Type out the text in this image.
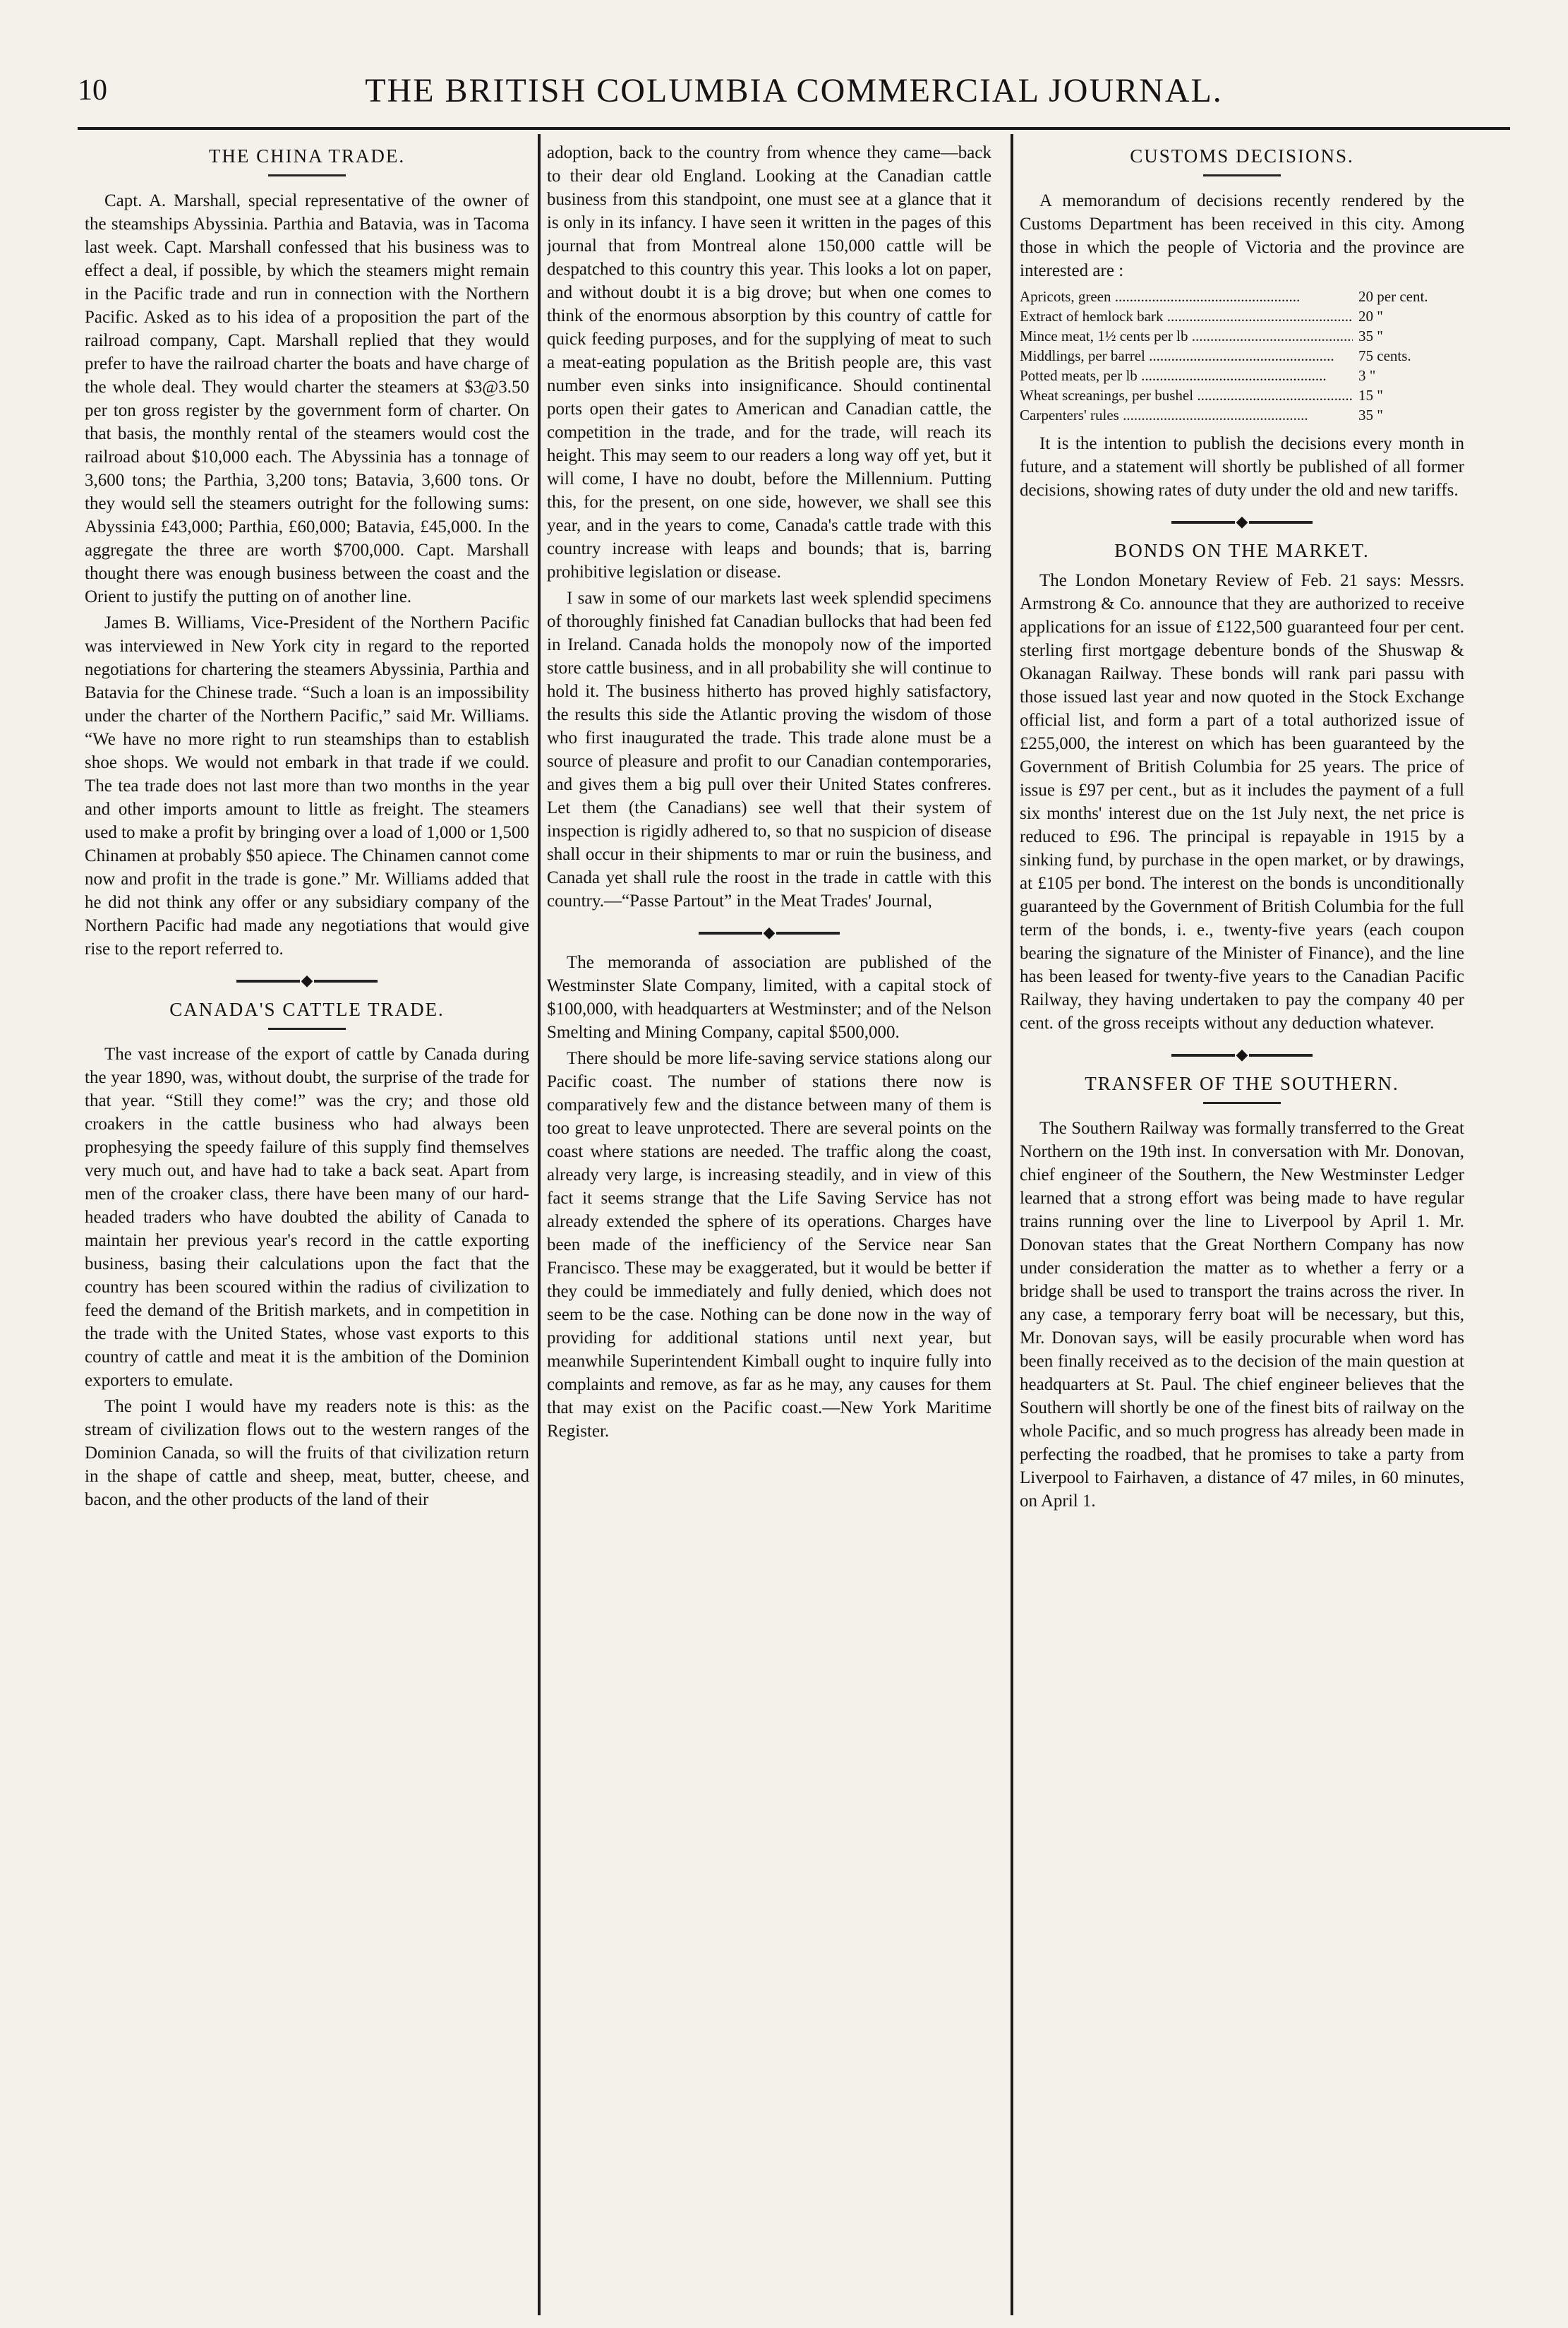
10	THE BRITISH COLUMBIA COMMERCIAL JOURNAL.
THE CHINA TRADE.

Capt. A. Marshall, special representative of the owner of the steamships Abyssinia. Parthia and Batavia, was in Tacoma last week. Capt. Marshall confessed that his business was to effect a deal, if possible, by which the steamers might remain in the Pacific trade and run in connection with the Northern Pacific. Asked as to his idea of a proposition the part of the railroad company, Capt. Marshall replied that they would prefer to have the railroad charter the boats and have charge of the whole deal. They would charter the steamers at $3@3.50 per ton gross register by the government form of charter. On that basis, the monthly rental of the steamers would cost the railroad about $10,000 each. The Abyssinia has a tonnage of 3,600 tons; the Parthia, 3,200 tons; Batavia, 3,600 tons. Or they would sell the steamers outright for the following sums: Abyssinia £43,000; Parthia, £60,000; Batavia, £45,000. In the aggregate the three are worth $700,000. Capt. Marshall thought there was enough business between the coast and the Orient to justify the putting on of another line.

James B. Williams, Vice-President of the Northern Pacific was interviewed in New York city in regard to the reported negotiations for chartering the steamers Abyssinia, Parthia and Batavia for the Chinese trade. “Such a loan is an impossibility under the charter of the Northern Pacific,” said Mr. Williams. “We have no more right to run steamships than to establish shoe shops. We would not embark in that trade if we could. The tea trade does not last more than two months in the year and other imports amount to little as freight. The steamers used to make a profit by bringing over a load of 1,000 or 1,500 Chinamen at probably $50 apiece. The Chinamen cannot come now and profit in the trade is gone.” Mr. Williams added that he did not think any offer or any subsidiary company of the Northern Pacific had made any negotiations that would give rise to the report referred to.

◆
CANADA'S CATTLE TRADE.

The vast increase of the export of cattle by Canada during the year 1890, was, without doubt, the surprise of the trade for that year. “Still they come!” was the cry; and those old croakers in the cattle business who had always been prophesying the speedy failure of this supply find themselves very much out, and have had to take a back seat. Apart from men of the croaker class, there have been many of our hard-headed traders who have doubted the ability of Canada to maintain her previous year's record in the cattle exporting business, basing their calculations upon the fact that the country has been scoured within the radius of civilization to feed the demand of the British markets, and in competition in the trade with the United States, whose vast exports to this country of cattle and meat it is the ambition of the Dominion exporters to emulate.

The point I would have my readers note is this: as the stream of civilization flows out to the western ranges of the Dominion Canada, so will the fruits of that civilization return in the shape of cattle and sheep, meat, butter, cheese, and bacon, and the other products of the land of their

adoption, back to the country from whence they came—back to their dear old England. Looking at the Canadian cattle business from this standpoint, one must see at a glance that it is only in its infancy. I have seen it written in the pages of this journal that from Montreal alone 150,000 cattle will be despatched to this country this year. This looks a lot on paper, and without doubt it is a big drove; but when one comes to think of the enormous absorption by this country of cattle for quick feeding purposes, and for the supplying of meat to such a meat-eating population as the British people are, this vast number even sinks into insignificance. Should continental ports open their gates to American and Canadian cattle, the competition in the trade, and for the trade, will reach its height. This may seem to our readers a long way off yet, but it will come, I have no doubt, before the Millennium. Putting this, for the present, on one side, however, we shall see this year, and in the years to come, Canada's cattle trade with this country increase with leaps and bounds; that is, barring prohibitive legislation or disease.

I saw in some of our markets last week splendid specimens of thoroughly finished fat Canadian bullocks that had been fed in Ireland. Canada holds the monopoly now of the imported store cattle business, and in all probability she will continue to hold it. The business hitherto has proved highly satisfactory, the results this side the Atlantic proving the wisdom of those who first inaugurated the trade. This trade alone must be a source of pleasure and profit to our Canadian contemporaries, and gives them a big pull over their United States confreres. Let them (the Canadians) see well that their system of inspection is rigidly adhered to, so that no suspicion of disease shall occur in their shipments to mar or ruin the business, and Canada yet shall rule the roost in the trade in cattle with this country.—“Passe Partout” in the Meat Trades' Journal,

◆

The memoranda of association are published of the Westminster Slate Company, limited, with a capital stock of $100,000, with headquarters at Westminster; and of the Nelson Smelting and Mining Company, capital $500,000.

There should be more life-saving service stations along our Pacific coast. The number of stations there now is comparatively few and the distance between many of them is too great to leave unprotected. There are several points on the coast where stations are needed. The traffic along the coast, already very large, is increasing steadily, and in view of this fact it seems strange that the Life Saving Service has not already extended the sphere of its operations. Charges have been made of the inefficiency of the Service near San Francisco. These may be exaggerated, but it would be better if they could be immediately and fully denied, which does not seem to be the case. Nothing can be done now in the way of providing for additional stations until next year, but meanwhile Superintendent Kimball ought to inquire fully into complaints and remove, as far as he may, any causes for them that may exist on the Pacific coast.—New York Maritime Register.

CUSTOMS DECISIONS.

A memorandum of decisions recently rendered by the Customs Department has been received in this city. Among those in which the people of Victoria and the province are interested are :

Apricots, green .....	20 per cent.
Extract of hemlock bark .....	20 "
Mince meat, 1½ cents per lb .....	35 "
Middlings, per barrel .....	75 cents.
Potted meats, per lb .....	3 "
Wheat screanings, per bushel .....	15 "
Carpenters' rules .....	35 "

It is the intention to publish the decisions every month in future, and a statement will shortly be published of all former decisions, showing rates of duty under the old and new tariffs.

◆
BONDS ON THE MARKET.

The London Monetary Review of Feb. 21 says: Messrs. Armstrong & Co. announce that they are authorized to receive applications for an issue of £122,500 guaranteed four per cent. sterling first mortgage debenture bonds of the Shuswap & Okanagan Railway. These bonds will rank pari passu with those issued last year and now quoted in the Stock Exchange official list, and form a part of a total authorized issue of £255,000, the interest on which has been guaranteed by the Government of British Columbia for 25 years. The price of issue is £97 per cent., but as it includes the payment of a full six months' interest due on the 1st July next, the net price is reduced to £96. The principal is repayable in 1915 by a sinking fund, by purchase in the open market, or by drawings, at £105 per bond. The interest on the bonds is unconditionally guaranteed by the Government of British Columbia for the full term of the bonds, i. e., twenty-five years (each coupon bearing the signature of the Minister of Finance), and the line has been leased for twenty-five years to the Canadian Pacific Railway, they having undertaken to pay the company 40 per cent. of the gross receipts without any deduction whatever.

◆
TRANSFER OF THE SOUTHERN.

The Southern Railway was formally transferred to the Great Northern on the 19th inst. In conversation with Mr. Donovan, chief engineer of the Southern, the New Westminster Ledger learned that a strong effort was being made to have regular trains running over the line to Liverpool by April 1. Mr. Donovan states that the Great Northern Company has now under consideration the matter as to whether a ferry or a bridge shall be used to transport the trains across the river. In any case, a temporary ferry boat will be necessary, but this, Mr. Donovan says, will be easily procurable when word has been finally received as to the decision of the main question at headquarters at St. Paul. The chief engineer believes that the Southern will shortly be one of the finest bits of railway on the whole Pacific, and so much progress has already been made in perfecting the roadbed, that he promises to take a party from Liverpool to Fairhaven, a distance of 47 miles, in 60 minutes, on April 1.
